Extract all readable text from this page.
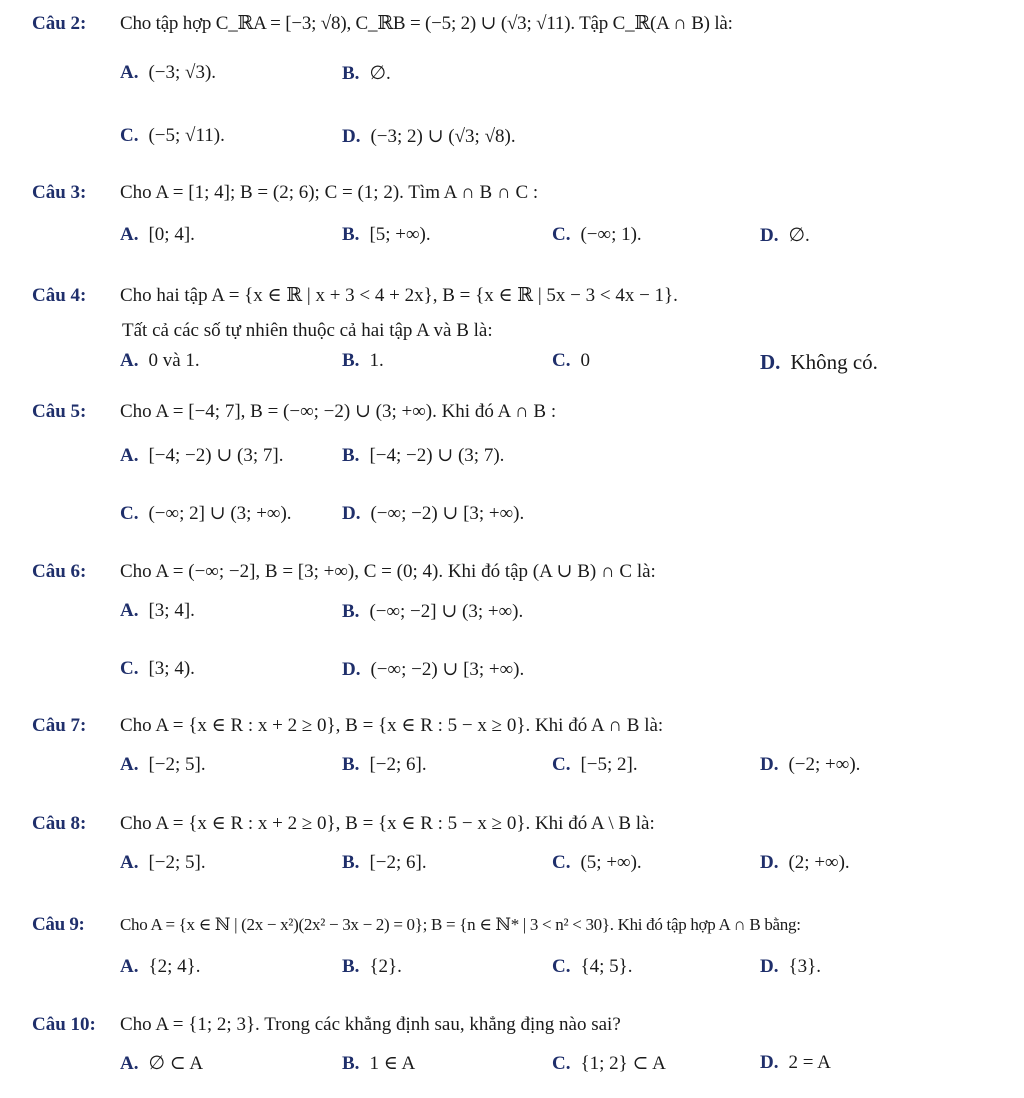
Câu 2: Cho tập hợp C_ℝA = [−3; √8), C_ℝB = (−5; 2) ∪ (√3; √11). Tập C_ℝ(A ∩ B) là:
A. (−3; √3).	B. ∅.
C. (−5; √11).	D. (−3; 2) ∪ (√3; √8).
Câu 3: Cho A = [1; 4]; B = (2; 6); C = (1; 2). Tìm A ∩ B ∩ C :
A. [0; 4].	B. [5; +∞).	C. (−∞; 1).	D. ∅.
Câu 4: Cho hai tập A = {x ∈ ℝ | x + 3 < 4 + 2x}, B = {x ∈ ℝ | 5x − 3 < 4x − 1}.
Tất cả các số tự nhiên thuộc cả hai tập A và B là:
A. 0 và 1.	B. 1.	C. 0	D. Không có.
Câu 5: Cho A = [−4; 7], B = (−∞; −2) ∪ (3; +∞). Khi đó A ∩ B :
A. [−4; −2) ∪ (3; 7].	B. [−4; −2) ∪ (3; 7).
C. (−∞; 2] ∪ (3; +∞).	D. (−∞; −2) ∪ [3; +∞).
Câu 6: Cho A = (−∞; −2], B = [3; +∞), C = (0; 4). Khi đó tập (A ∪ B) ∩ C là:
A. [3; 4].	B. (−∞; −2] ∪ (3; +∞).
C. [3; 4).	D. (−∞; −2) ∪ [3; +∞).
Câu 7: Cho A = {x ∈ R : x + 2 ≥ 0}, B = {x ∈ R : 5 − x ≥ 0}. Khi đó A ∩ B là:
A. [−2; 5].	B. [−2; 6].	C. [−5; 2].	D. (−2; +∞).
Câu 8: Cho A = {x ∈ R : x + 2 ≥ 0}, B = {x ∈ R : 5 − x ≥ 0}. Khi đó A \ B là:
A. [−2; 5].	B. [−2; 6].	C. (5; +∞).	D. (2; +∞).
Câu 9: Cho A = {x ∈ ℕ | (2x − x²)(2x² − 3x − 2) = 0}; B = {n ∈ ℕ* | 3 < n² < 30}. Khi đó tập hợp A ∩ B bằng:
A. {2; 4}.	B. {2}.	C. {4; 5}.	D. {3}.
Câu 10: Cho A = {1; 2; 3}. Trong các khẳng định sau, khẳng địng nào sai?
A. ∅ ⊂ A	B. 1 ∈ A	C. {1; 2} ⊂ A	D. 2 = A
